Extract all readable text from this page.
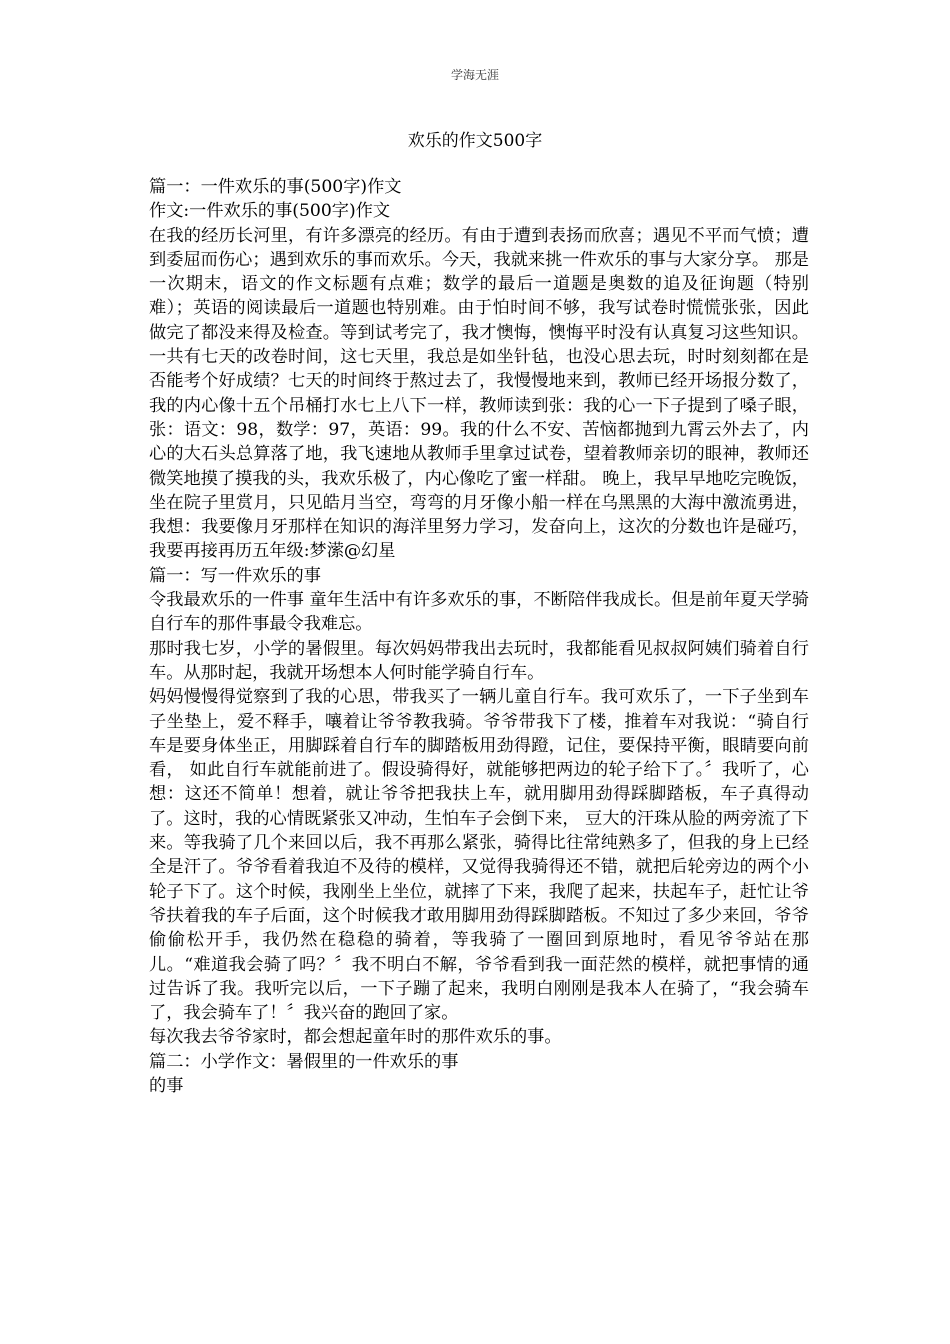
学海无涯
欢乐的作文500字

篇一：一件欢乐的事(500字)作文

作文:一件欢乐的事(500字)作文

在我的经历长河里，有许多漂亮的经历。有由于遭到表扬而欣喜；遇见不平而气愤；遭到委屈而伤心；遇到欢乐的事而欢乐。今天，我就来挑一件欢乐的事与大家分享。 那是一次期末，语文的作文标题有点难；数学的最后一道题是奥数的追及征询题（特别难）；英语的阅读最后一道题也特别难。由于怕时间不够，我写试卷时慌慌张张，因此做完了都没来得及检查。等到试考完了，我才懊悔，懊悔平时没有认真复习这些知识。 一共有七天的改卷时间，这七天里，我总是如坐针毡，也没心思去玩，时时刻刻都在是否能考个好成绩？七天的时间终于熬过去了，我慢慢地来到，教师已经开场报分数了，我的内心像十五个吊桶打水七上八下一样，教师读到张：我的心一下子提到了嗓子眼，张：语文：98，数学：97，英语：99。我的什么不安、苦恼都抛到九霄云外去了，内心的大石头总算落了地，我飞速地从教师手里拿过试卷，望着教师亲切的眼神，教师还微笑地摸了摸我的头，我欢乐极了，内心像吃了蜜一样甜。 晚上，我早早地吃完晚饭，坐在院子里赏月，只见皓月当空，弯弯的月牙像小船一样在乌黑黑的大海中激流勇进，我想：我要像月牙那样在知识的海洋里努力学习，发奋向上，这次的分数也许是碰巧，我要再接再历五年级:梦潆@幻星

篇一：写一件欢乐的事

令我最欢乐的一件事 童年生活中有许多欢乐的事，不断陪伴我成长。但是前年夏天学骑自行车的那件事最令我难忘。

那时我七岁，小学的暑假里。每次妈妈带我出去玩时，我都能看见叔叔阿姨们骑着自行车。从那时起，我就开场想本人何时能学骑自行车。

妈妈慢慢得觉察到了我的心思，带我买了一辆儿童自行车。我可欢乐了，一下子坐到车子坐垫上，爱不释手，嚷着让爷爷教我骑。爷爷带我下了楼，推着车对我说：“骑自行车是要身体坐正，用脚踩着自行车的脚踏板用劲得蹬，记住，要保持平衡，眼睛要向前看， 如此自行车就能前进了。假设骑得好，就能够把两边的轮子给下了。〞我听了，心想：这还不简单！想着，就让爷爷把我扶上车，就用脚用劲得踩脚踏板，车子真得动了。这时，我的心情既紧张又冲动，生怕车子会倒下来， 豆大的汗珠从脸的两旁流了下来。等我骑了几个来回以后，我不再那么紧张，骑得比往常纯熟多了，但我的身上已经全是汗了。爷爷看着我迫不及待的模样，又觉得我骑得还不错，就把后轮旁边的两个小轮子下了。这个时候，我刚坐上坐位，就摔了下来，我爬了起来，扶起车子，赶忙让爷爷扶着我的车子后面，这个时候我才敢用脚用劲得踩脚踏板。不知过了多少来回，爷爷偷偷松开手，我仍然在稳稳的骑着，等我骑了一圈回到原地时，看见爷爷站在那儿。“难道我会骑了吗？〞我不明白不解，爷爷看到我一面茫然的模样，就把事情的通过告诉了我。我听完以后，一下子蹦了起来，我明白刚刚是我本人在骑了，“我会骑车了，我会骑车了！〞我兴奋的跑回了家。

每次我去爷爷家时，都会想起童年时的那件欢乐的事。

篇二：小学作文：暑假里的一件欢乐的事

的事
